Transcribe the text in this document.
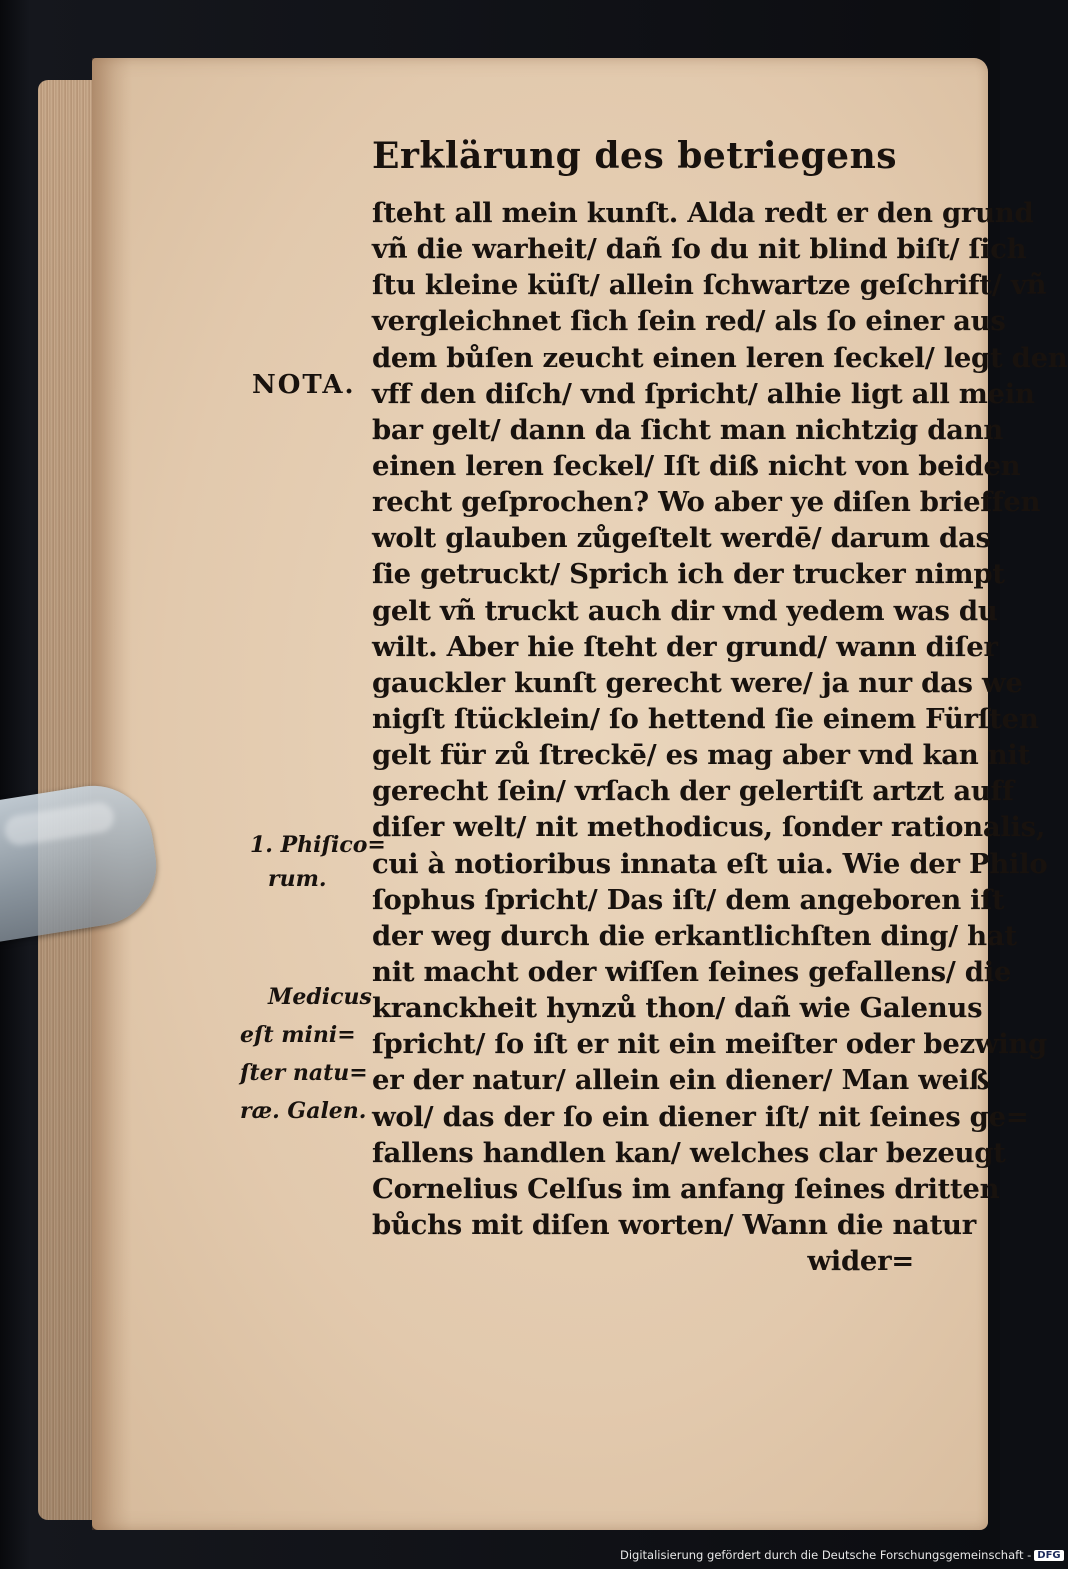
Erklärung des betriegens
ſteht all mein kunſt. Alda redt er den grund
vñ die warheit/ dañ ſo du nit blind biſt/ ſich
ſtu kleine küſt/ allein ſchwartze geſchrift/ vñ
vergleichnet ſich ſein red/ als ſo einer aus
dem bůſen zeucht einen leren ſeckel/ legt den
vff den diſch/ vnd ſpricht/ alhie ligt all mein
bar gelt/ dann da ſicht man nichtzig dann
einen leren ſeckel/ Iſt diß nicht von beiden
recht geſprochen? Wo aber ye diſen brieffen
wolt glauben zůgeſtelt werdē/ darum das
ſie getruckt/ Sprich ich der trucker nimpt
gelt vñ truckt auch dir vnd yedem was du
wilt. Aber hie ſteht der grund/ wann diſer
gauckler kunſt gerecht were/ ja nur das we
nigſt ſtücklein/ ſo hettend ſie einem Fürſten
gelt für zů ſtreckē/ es mag aber vnd kan nit
gerecht ſein/ vrſach der gelertiſt artzt auff
diſer welt/ nit methodicus, ſonder rationalis,
cui à notioribus innata eſt uia. Wie der Philo
ſophus ſpricht/ Das iſt/ dem angeboren iſt
der weg durch die erkantlichſten ding/ hat
nit macht oder wiſſen ſeines gefallens/ die
kranckheit hynzů thon/ dañ wie Galenus
ſpricht/ ſo iſt er nit ein meiſter oder bezwing
er der natur/ allein ein diener/ Man weiß
wol/ das der ſo ein diener iſt/ nit ſeines ge=
fallens handlen kan/ welches clar bezeugt
Cornelius Celſus im anfang ſeines dritten
bůchs mit diſen worten/ Wann die natur
wider=
NOTA.
1. Phiſico=
rum.
Medicus
eſt mini=
ſter natu=
ræ. Galen.
Digitalisierung gefördert durch die Deutsche Forschungsgemeinschaft - DFG
